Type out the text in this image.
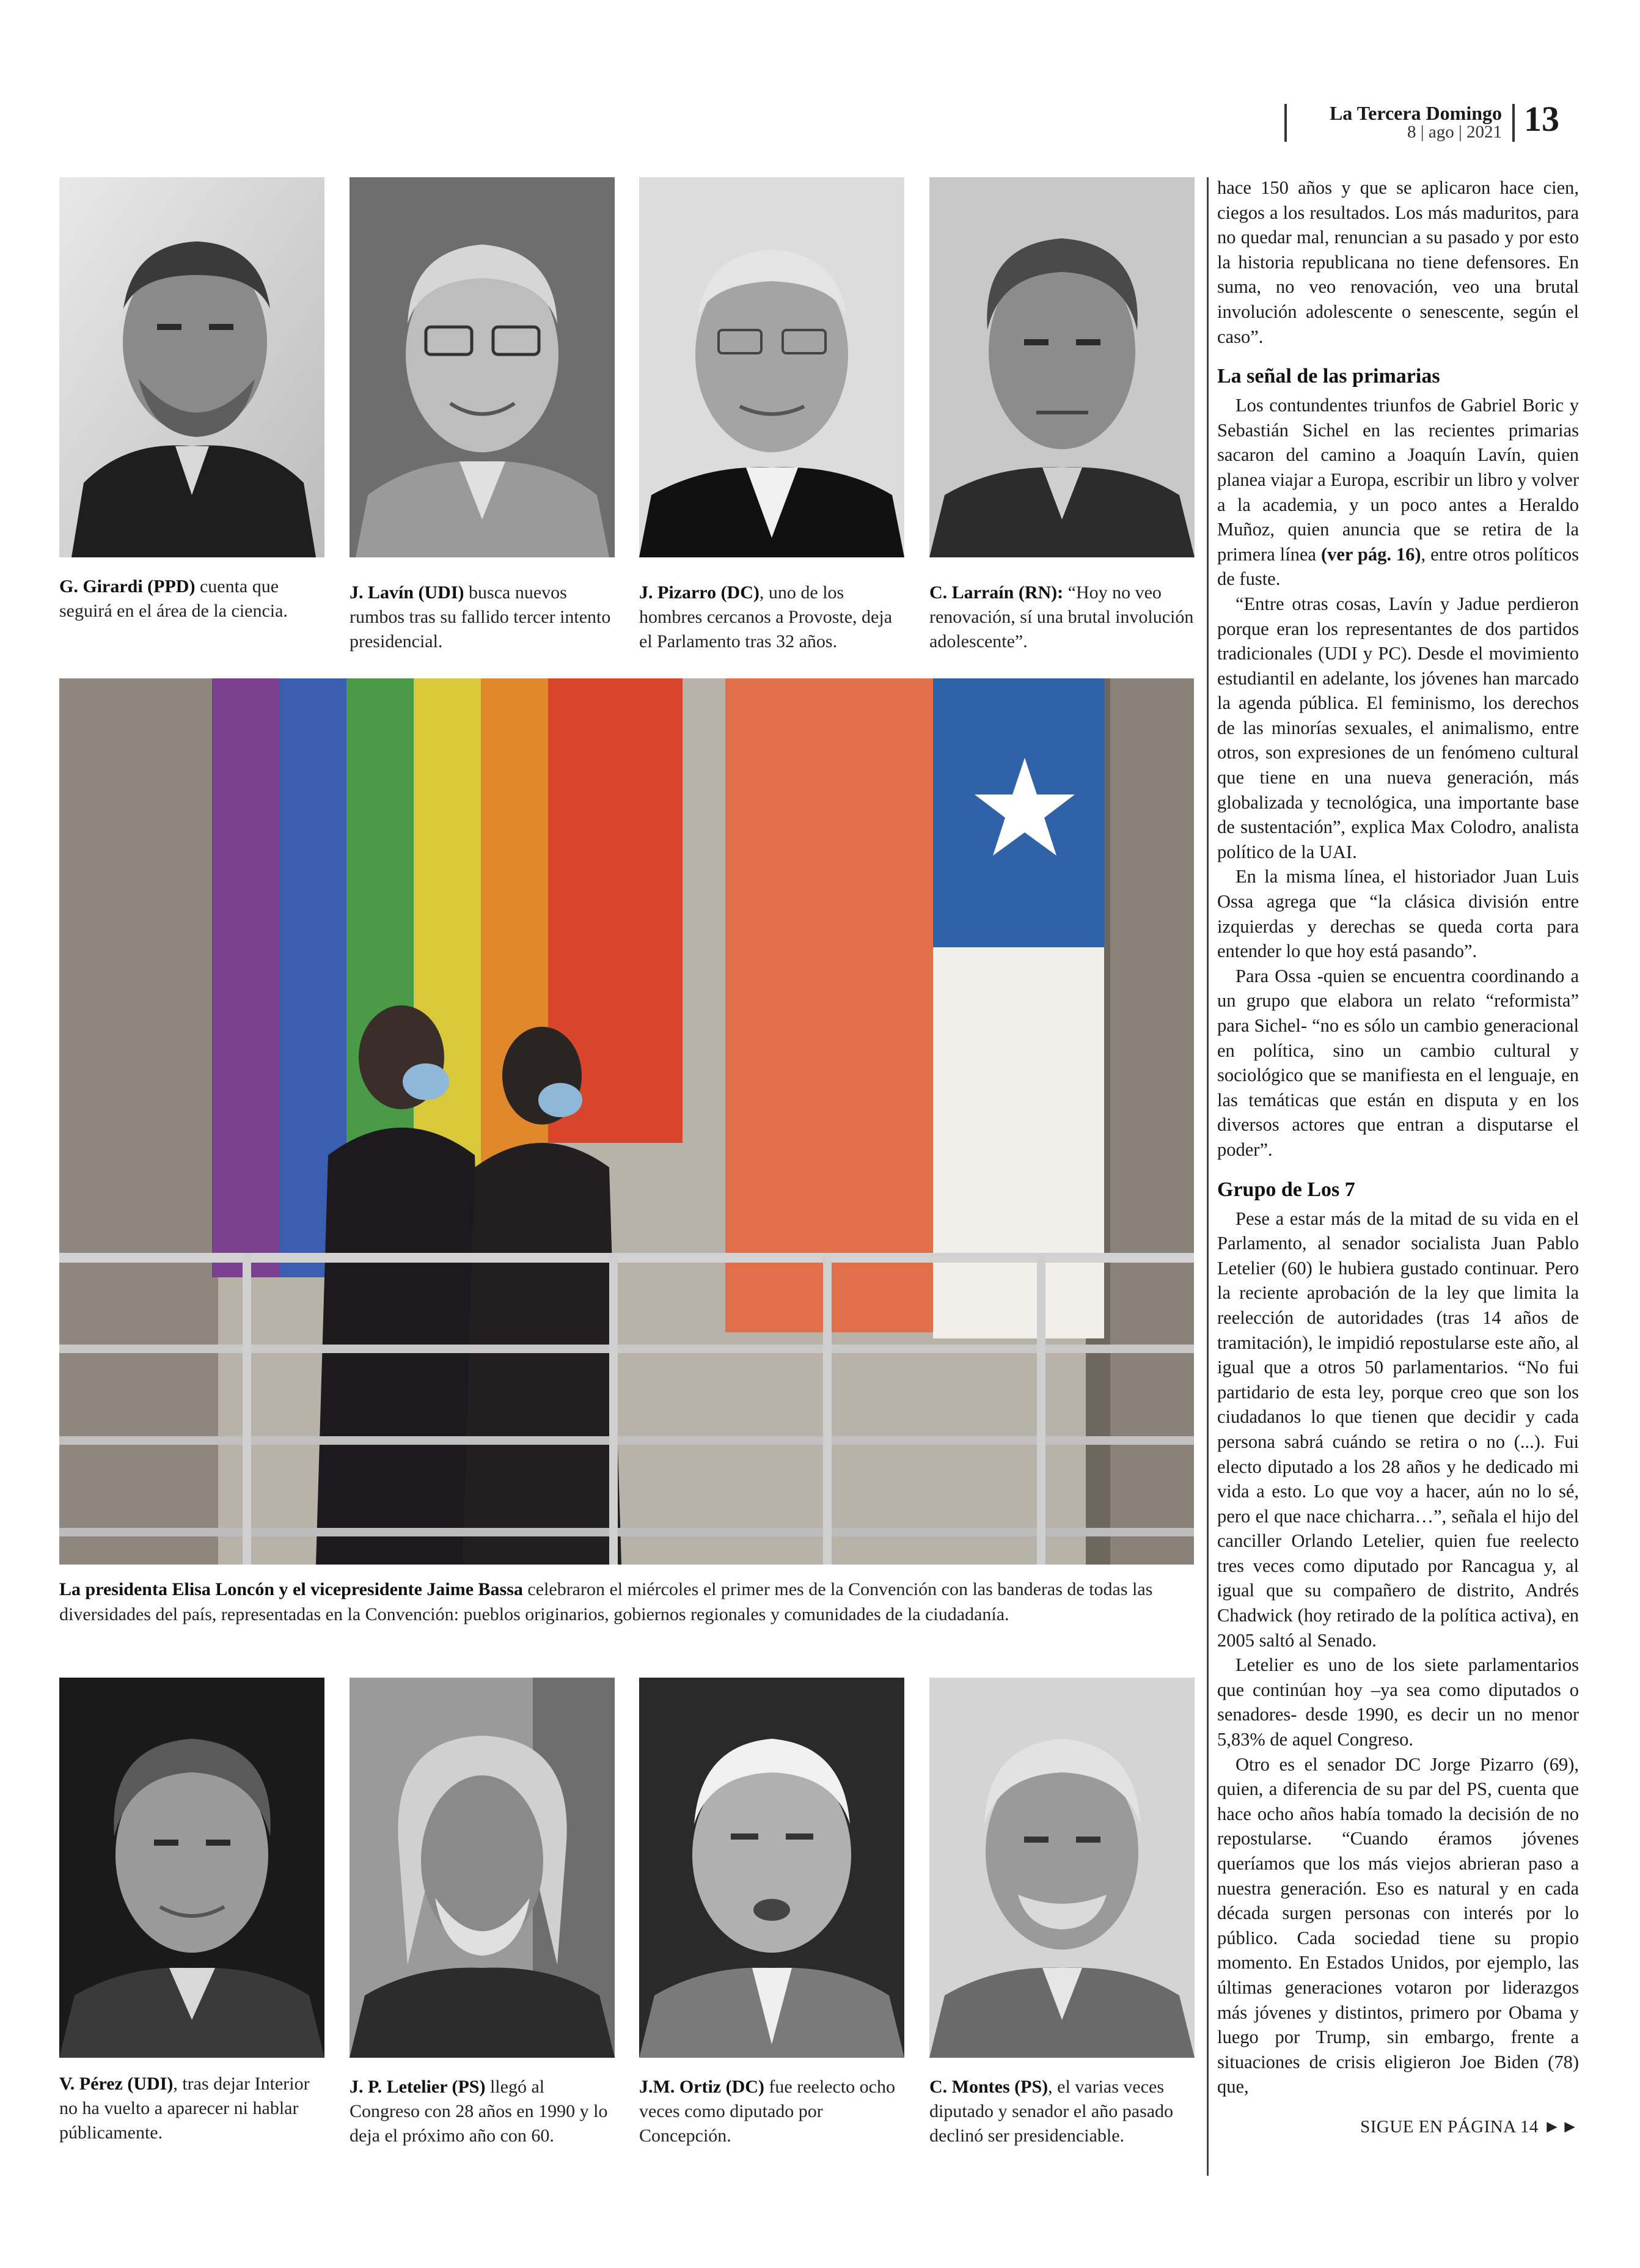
La Tercera Domingo
8 | ago | 2021 13
G. Girardi (PPD) cuenta que seguirá en el área de la ciencia.
J. Lavín (UDI) busca nuevos rumbos tras su fallido tercer intento presidencial.
J. Pizarro (DC), uno de los hombres cercanos a Provoste, deja el Parlamento tras 32 años.
C. Larraín (RN): “Hoy no veo renovación, sí una brutal involución adolescente”.
La presidenta Elisa Loncón y el vicepresidente Jaime Bassa celebraron el miércoles el primer mes de la Convención con las banderas de todas las diversidades del país, representadas en la Convención: pueblos originarios, gobiernos regionales y comunidades de la ciudadanía.
V. Pérez (UDI), tras dejar Interior no ha vuelto a aparecer ni hablar públicamente.
J. P. Letelier (PS) llegó al Congreso con 28 años en 1990 y lo deja el próximo año con 60.
J.M. Ortiz (DC) fue reelecto ocho veces como diputado por Concepción.
C. Montes (PS), el varias veces diputado y senador el año pasado declinó ser presidenciable.

hace 150 años y que se aplicaron hace cien, ciegos a los resultados. Los más maduritos, para no quedar mal, renuncian a su pasado y por esto la historia republicana no tiene defensores. En suma, no veo renovación, veo una brutal involución adolescente o senescente, según el caso”.

La señal de las primarias

Los contundentes triunfos de Gabriel Boric y Sebastián Sichel en las recientes primarias sacaron del camino a Joaquín Lavín, quien planea viajar a Europa, escribir un libro y volver a la academia, y un poco antes a Heraldo Muñoz, quien anuncia que se retira de la primera línea (ver pág. 16), entre otros políticos de fuste.

“Entre otras cosas, Lavín y Jadue perdieron porque eran los representantes de dos partidos tradicionales (UDI y PC). Desde el movimiento estudiantil en adelante, los jóvenes han marcado la agenda pública. El feminismo, los derechos de las minorías sexuales, el animalismo, entre otros, son expresiones de un fenómeno cultural que tiene en una nueva generación, más globalizada y tecnológica, una importante base de sustentación”, explica Max Colodro, analista político de la UAI.

En la misma línea, el historiador Juan Luis Ossa agrega que “la clásica división entre izquierdas y derechas se queda corta para entender lo que hoy está pasando”.

Para Ossa -quien se encuentra coordinando a un grupo que elabora un relato “reformista” para Sichel- “no es sólo un cambio generacional en política, sino un cambio cultural y sociológico que se manifiesta en el lenguaje, en las temáticas que están en disputa y en los diversos actores que entran a disputarse el poder”.

Grupo de Los 7

Pese a estar más de la mitad de su vida en el Parlamento, al senador socialista Juan Pablo Letelier (60) le hubiera gustado continuar. Pero la reciente aprobación de la ley que limita la reelección de autoridades (tras 14 años de tramitación), le impidió repostularse este año, al igual que a otros 50 parlamentarios. “No fui partidario de esta ley, porque creo que son los ciudadanos lo que tienen que decidir y cada persona sabrá cuándo se retira o no (...). Fui electo diputado a los 28 años y he dedicado mi vida a esto. Lo que voy a hacer, aún no lo sé, pero el que nace chicharra…”, señala el hijo del canciller Orlando Letelier, quien fue reelecto tres veces como diputado por Rancagua y, al igual que su compañero de distrito, Andrés Chadwick (hoy retirado de la política activa), en 2005 saltó al Senado.

Letelier es uno de los siete parlamentarios que continúan hoy –ya sea como diputados o senadores- desde 1990, es decir un no menor 5,83% de aquel Congreso.

Otro es el senador DC Jorge Pizarro (69), quien, a diferencia de su par del PS, cuenta que hace ocho años había tomado la decisión de no repostularse. “Cuando éramos jóvenes queríamos que los más viejos abrieran paso a nuestra generación. Eso es natural y en cada década surgen personas con interés por lo público. Cada sociedad tiene su propio momento. En Estados Unidos, por ejemplo, las últimas generaciones votaron por liderazgos más jóvenes y distintos, primero por Obama y luego por Trump, sin embargo, frente a situaciones de crisis eligieron Joe Biden (78) que,

SIGUE EN PÁGINA 14 ►►
